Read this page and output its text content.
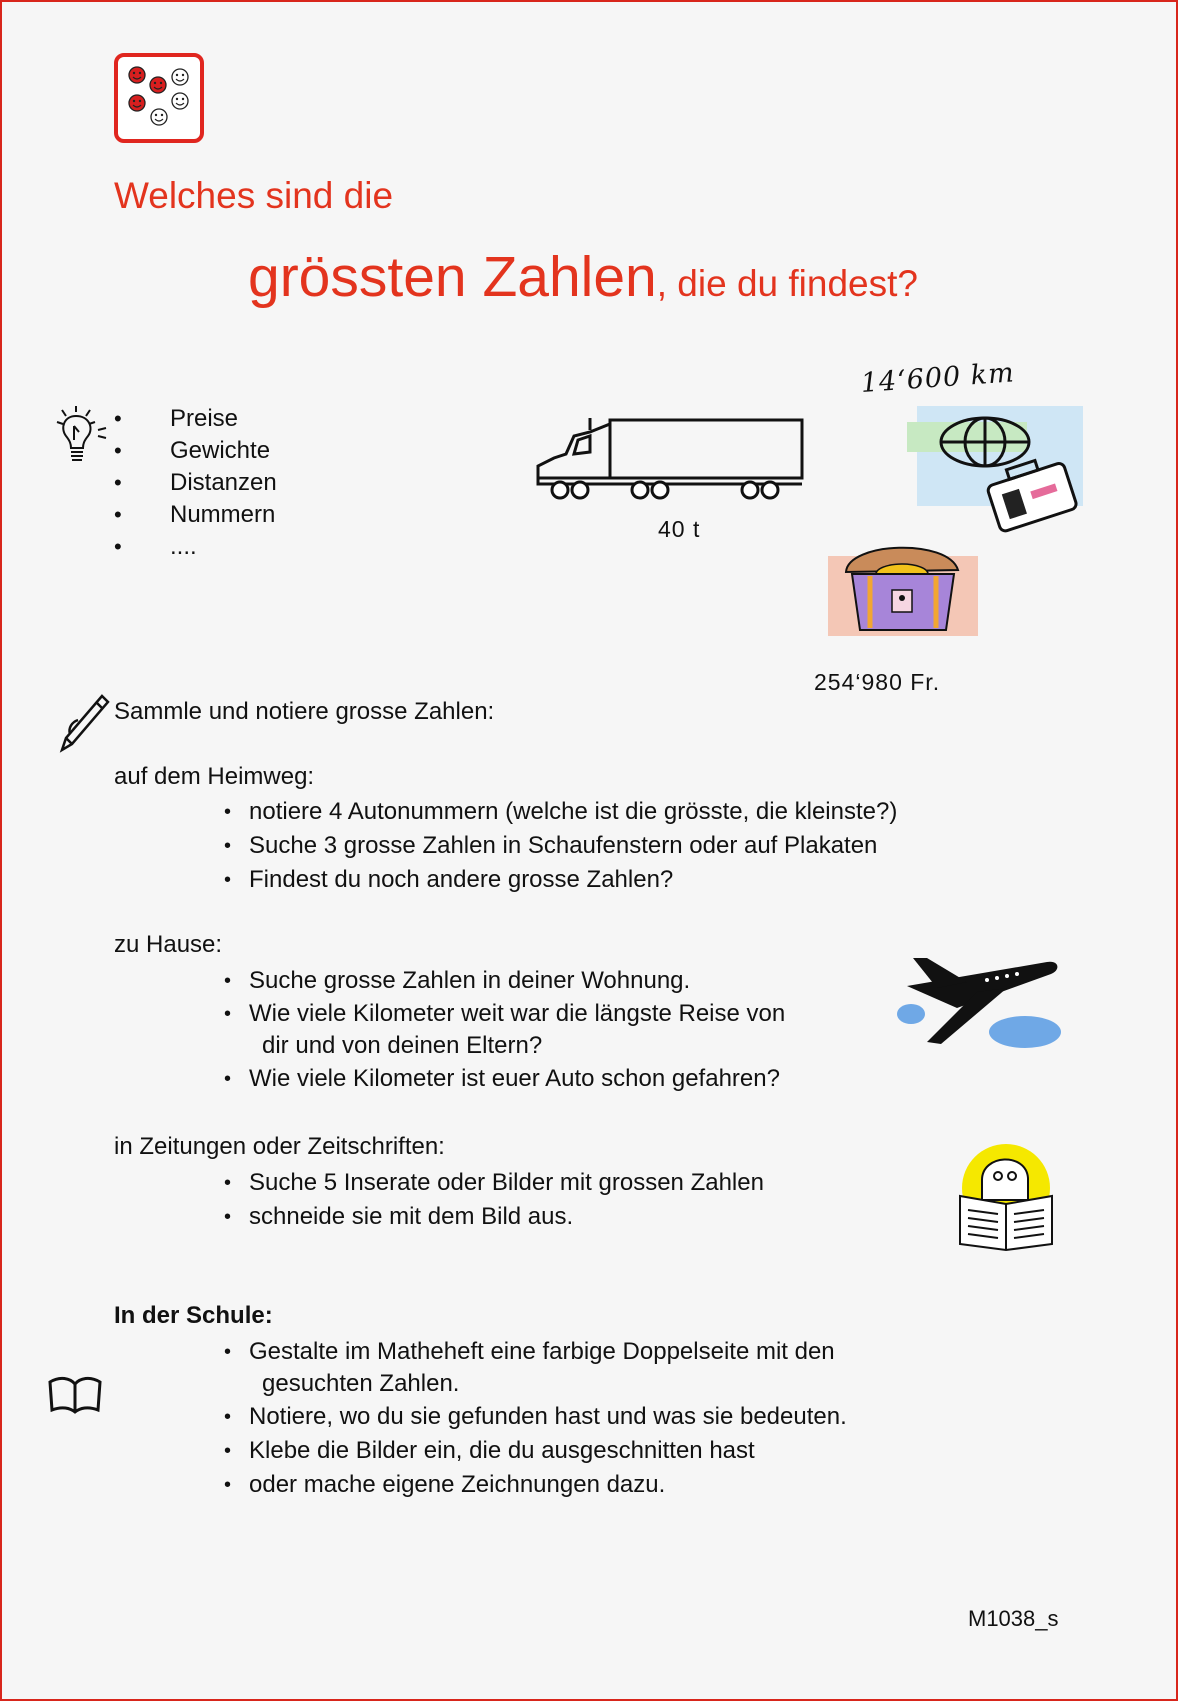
Welches sind die
grössten Zahlen, die du findest?
• Preise
• Gewichte
• Distanzen
• Nummern
• ....
40 t
14‘600 km
254‘980 Fr.
Sammle und notiere grosse Zahlen:
auf dem Heimweg:
• notiere 4 Autonummern (welche ist die grösste, die kleinste?)
• Suche 3 grosse Zahlen in Schaufenstern oder auf Plakaten
• Findest du noch andere grosse Zahlen?
zu Hause:
• Suche grosse Zahlen in deiner Wohnung.
• Wie viele Kilometer weit war die längste Reise von
dir und von deinen Eltern?
• Wie viele Kilometer ist euer Auto schon gefahren?
in Zeitungen oder Zeitschriften:
• Suche 5 Inserate oder Bilder mit grossen Zahlen
• schneide sie mit dem Bild aus.
In der Schule:
• Gestalte im Matheheft eine farbige Doppelseite mit den
gesuchten Zahlen.
• Notiere, wo du sie gefunden hast und was sie bedeuten.
• Klebe die Bilder ein, die du ausgeschnitten hast
• oder mache eigene Zeichnungen dazu.
M1038_s
